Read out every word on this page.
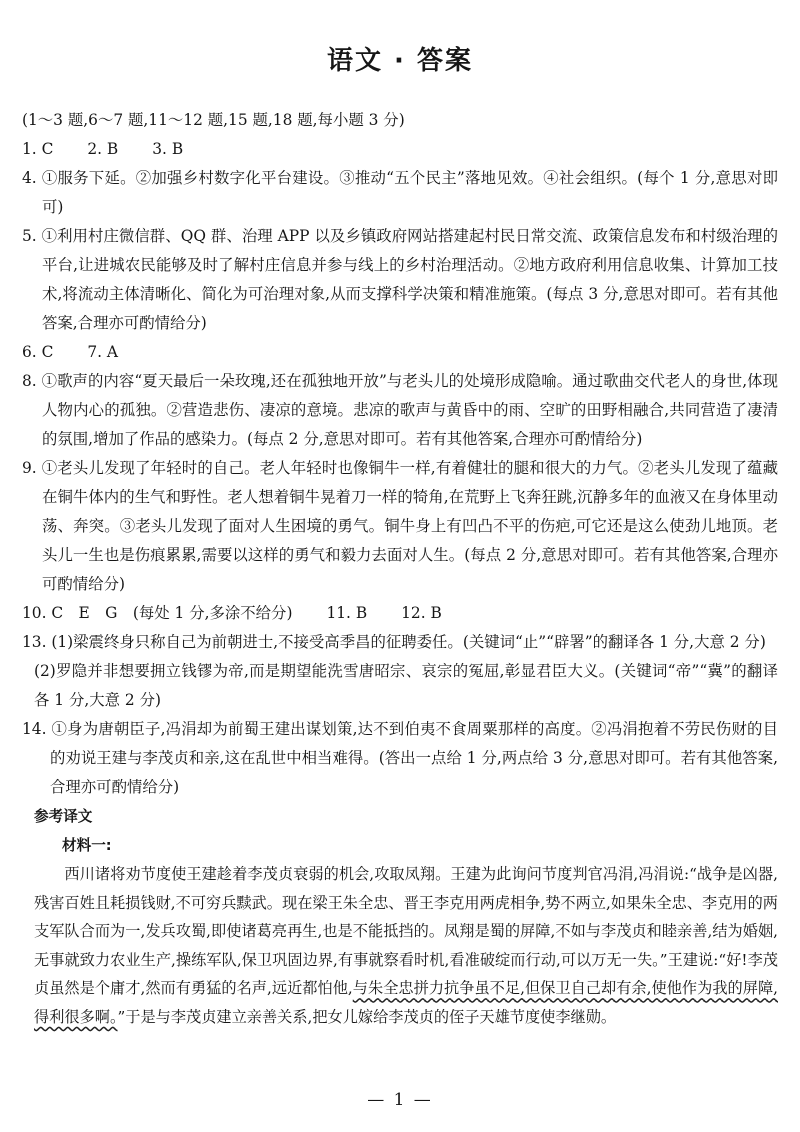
语文 · 答案

(1～3 题,6～7 题,11～12 题,15 题,18 题,每小题 3 分)

1. C 2. B 3. B

4. ①服务下延。②加强乡村数字化平台建设。③推动“五个民主”落地见效。④社会组织。(每个 1 分,意思对即可)

5. ①利用村庄微信群、QQ 群、治理 APP 以及乡镇政府网站搭建起村民日常交流、政策信息发布和村级治理的平台,让进城农民能够及时了解村庄信息并参与线上的乡村治理活动。②地方政府利用信息收集、计算加工技术,将流动主体清晰化、简化为可治理对象,从而支撑科学决策和精准施策。(每点 3 分,意思对即可。若有其他答案,合理亦可酌情给分)

6. C 7. A

8. ①歌声的内容“夏天最后一朵玫瑰,还在孤独地开放”与老头儿的处境形成隐喻。通过歌曲交代老人的身世,体现人物内心的孤独。②营造悲伤、凄凉的意境。悲凉的歌声与黄昏中的雨、空旷的田野相融合,共同营造了凄清的氛围,增加了作品的感染力。(每点 2 分,意思对即可。若有其他答案,合理亦可酌情给分)

9. ①老头儿发现了年轻时的自己。老人年轻时也像铜牛一样,有着健壮的腿和很大的力气。②老头儿发现了蕴藏在铜牛体内的生气和野性。老人想着铜牛晃着刀一样的犄角,在荒野上飞奔狂跳,沉静多年的血液又在身体里动荡、奔突。③老头儿发现了面对人生困境的勇气。铜牛身上有凹凸不平的伤疤,可它还是这么使劲儿地顶。老头儿一生也是伤痕累累,需要以这样的勇气和毅力去面对人生。(每点 2 分,意思对即可。若有其他答案,合理亦可酌情给分)

10. C　E　G　(每处 1 分,多涂不给分) 11. B 12. B

13. (1)梁震终身只称自己为前朝进士,不接受高季昌的征聘委任。(关键词“止”“辟署”的翻译各 1 分,大意 2 分)

(2)罗隐并非想要拥立钱镠为帝,而是期望能洗雪唐昭宗、哀宗的冤屈,彰显君臣大义。(关键词“帝”“冀”的翻译各 1 分,大意 2 分)

14. ①身为唐朝臣子,冯涓却为前蜀王建出谋划策,达不到伯夷不食周粟那样的高度。②冯涓抱着不劳民伤财的目的劝说王建与李茂贞和亲,这在乱世中相当难得。(答出一点给 1 分,两点给 3 分,意思对即可。若有其他答案,合理亦可酌情给分)

参考译文

材料一:

西川诸将劝节度使王建趁着李茂贞衰弱的机会,攻取凤翔。王建为此询问节度判官冯涓,冯涓说:“战争是凶器,残害百姓且耗损钱财,不可穷兵黩武。现在梁王朱全忠、晋王李克用两虎相争,势不两立,如果朱全忠、李克用的两支军队合而为一,发兵攻蜀,即使诸葛亮再生,也是不能抵挡的。凤翔是蜀的屏障,不如与李茂贞和睦亲善,结为婚姻,无事就致力农业生产,操练军队,保卫巩固边界,有事就察看时机,看准破绽而行动,可以万无一失。”王建说:“好!李茂贞虽然是个庸才,然而有勇猛的名声,远近都怕他,与朱全忠拼力抗争虽不足,但保卫自己却有余,使他作为我的屏障,得利很多啊。”于是与李茂贞建立亲善关系,把女儿嫁给李茂贞的侄子天雄节度使李继勋。

— 1 —
